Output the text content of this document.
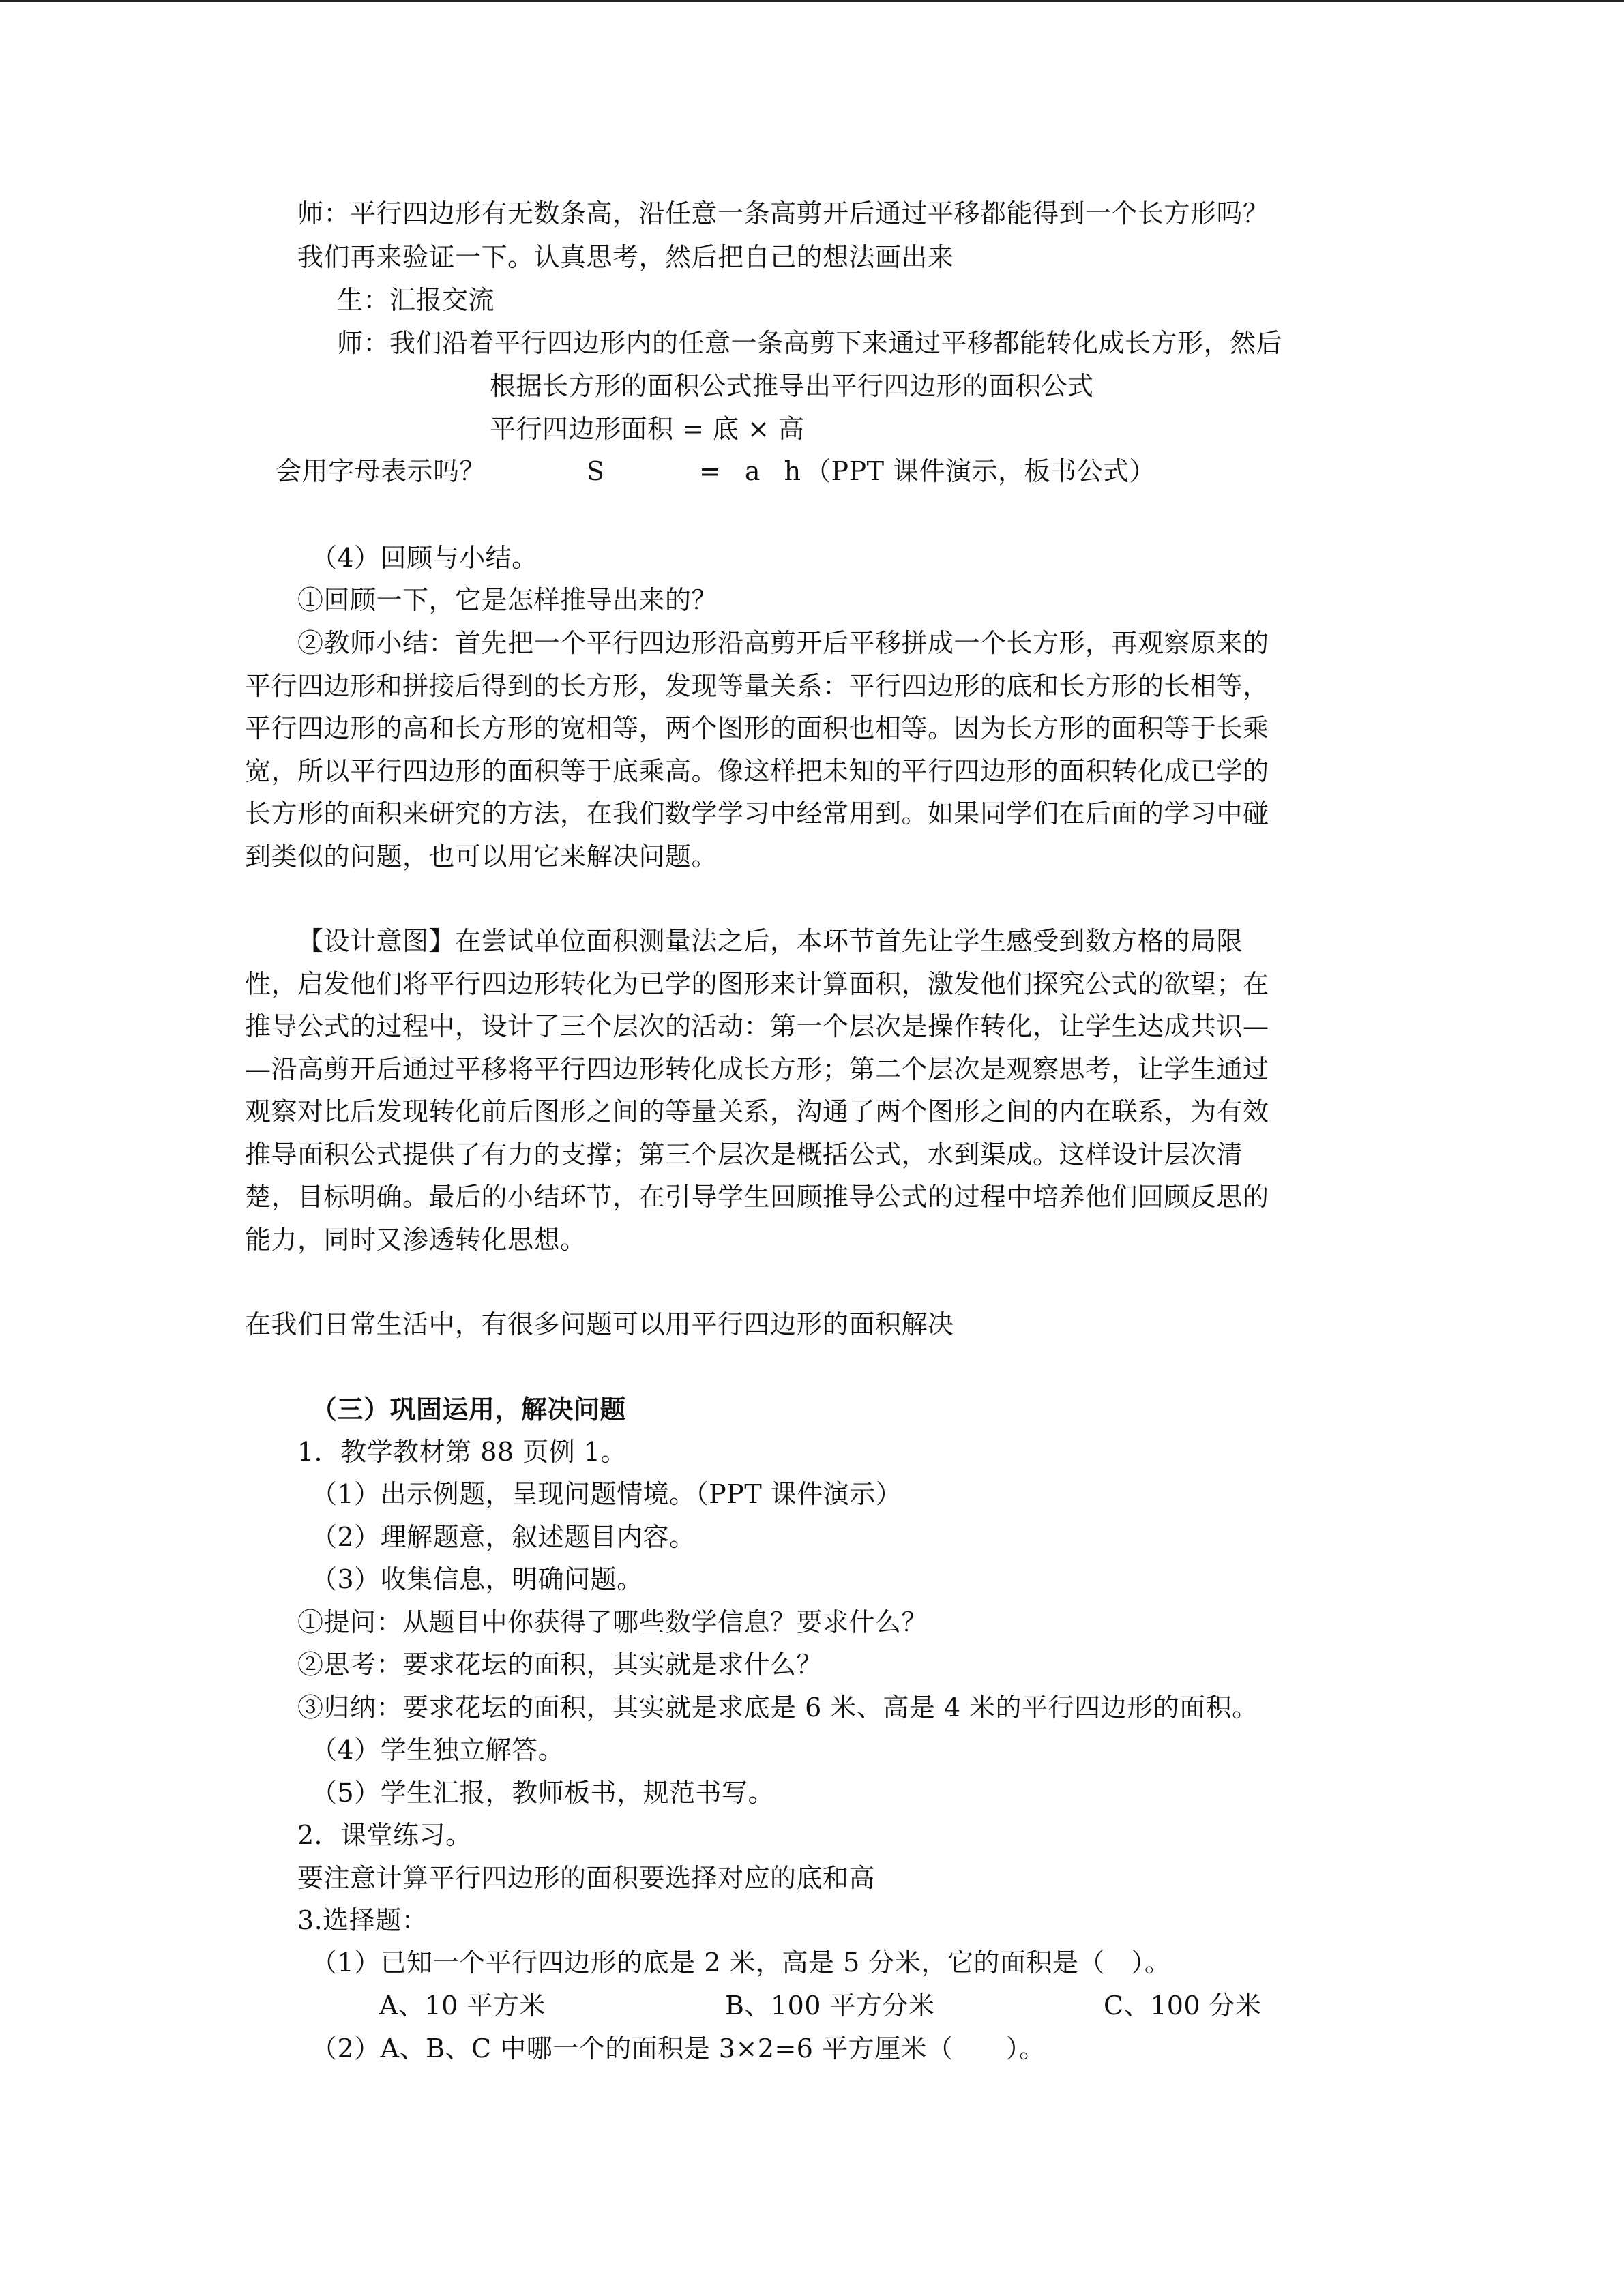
师：平行四边形有无数条高，沿任意一条高剪开后通过平移都能得到一个长方形吗？
我们再来验证一下。认真思考，然后把自己的想法画出来
生：汇报交流
师：我们沿着平行四边形内的任意一条高剪下来通过平移都能转化成长方形，然后
根据长方形的面积公式推导出平行四边形的面积公式
平行四边形面积 = 底 × 高
会用字母表示吗？	S	= a h （PPT 课件演示，板书公式）
（4）回顾与小结。
①回顾一下，它是怎样推导出来的？
②教师小结：首先把一个平行四边形沿高剪开后平移拼成一个长方形，再观察原来的
平行四边形和拼接后得到的长方形，发现等量关系：平行四边形的底和长方形的长相等，
平行四边形的高和长方形的宽相等，两个图形的面积也相等。因为长方形的面积等于长乘
宽，所以平行四边形的面积等于底乘高。像这样把未知的平行四边形的面积转化成已学的
长方形的面积来研究的方法，在我们数学学习中经常用到。如果同学们在后面的学习中碰
到类似的问题，也可以用它来解决问题。
【设计意图】在尝试单位面积测量法之后，本环节首先让学生感受到数方格的局限
性，启发他们将平行四边形转化为已学的图形来计算面积，激发他们探究公式的欲望；在
推导公式的过程中，设计了三个层次的活动：第一个层次是操作转化，让学生达成共识—
—沿高剪开后通过平移将平行四边形转化成长方形；第二个层次是观察思考，让学生通过
观察对比后发现转化前后图形之间的等量关系，沟通了两个图形之间的内在联系，为有效
推导面积公式提供了有力的支撑；第三个层次是概括公式，水到渠成。这样设计层次清
楚，目标明确。最后的小结环节，在引导学生回顾推导公式的过程中培养他们回顾反思的
能力，同时又渗透转化思想。
在我们日常生活中，有很多问题可以用平行四边形的面积解决
（三）巩固运用，解决问题
1．教学教材第 88 页例 1。
（1）出示例题，呈现问题情境。（PPT 课件演示）
（2）理解题意，叙述题目内容。
（3）收集信息，明确问题。
①提问：从题目中你获得了哪些数学信息？要求什么？
②思考：要求花坛的面积，其实就是求什么？
③归纳：要求花坛的面积，其实就是求底是 6 米、高是 4 米的平行四边形的面积。
（4）学生独立解答。
（5）学生汇报，教师板书，规范书写。
2．课堂练习。
要注意计算平行四边形的面积要选择对应的底和高
3.选择题：
（1）已知一个平行四边形的底是 2 米，高是 5 分米，它的面积是（　）。
A、10 平方米	B、100 平方分米	C、100 分米
（2）A、B、C 中哪一个的面积是 3×2=6 平方厘米（　　）。
